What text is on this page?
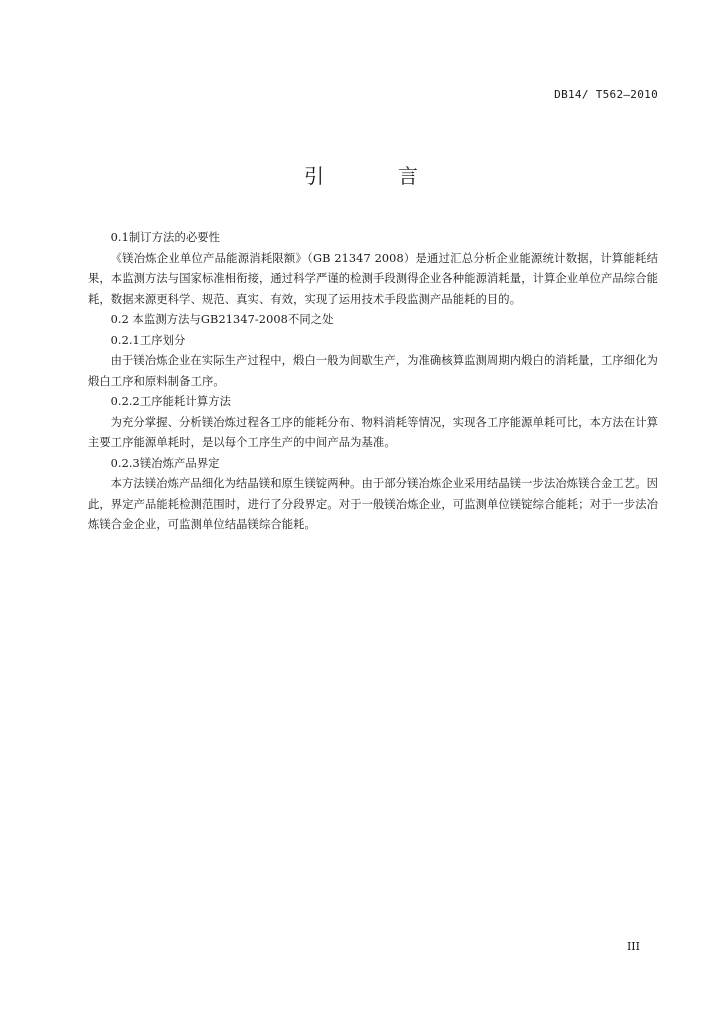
DB14/ T562—2010
引	言

0.1制订方法的必要性

《镁冶炼企业单位产品能源消耗限额》（GB 21347 2008）是通过汇总分析企业能源统计数据，计算能耗结果，本监测方法与国家标准相衔接，通过科学严谨的检测手段测得企业各种能源消耗量，计算企业单位产品综合能耗，数据来源更科学、规范、真实、有效，实现了运用技术手段监测产品能耗的目的。

0.2 本监测方法与GB21347-2008不同之处

0.2.1工序划分

由于镁冶炼企业在实际生产过程中，煅白一般为间歇生产，为准确核算监测周期内煅白的消耗量，工序细化为煅白工序和原料制备工序。

0.2.2工序能耗计算方法

为充分掌握、分析镁冶炼过程各工序的能耗分布、物料消耗等情况，实现各工序能源单耗可比，本方法在计算主要工序能源单耗时，是以每个工序生产的中间产品为基准。

0.2.3镁冶炼产品界定

本方法镁冶炼产品细化为结晶镁和原生镁锭两种。由于部分镁冶炼企业采用结晶镁一步法冶炼镁合金工艺。因此，界定产品能耗检测范围时，进行了分段界定。对于一般镁冶炼企业，可监测单位镁锭综合能耗；对于一步法冶炼镁合金企业，可监测单位结晶镁综合能耗。

III
